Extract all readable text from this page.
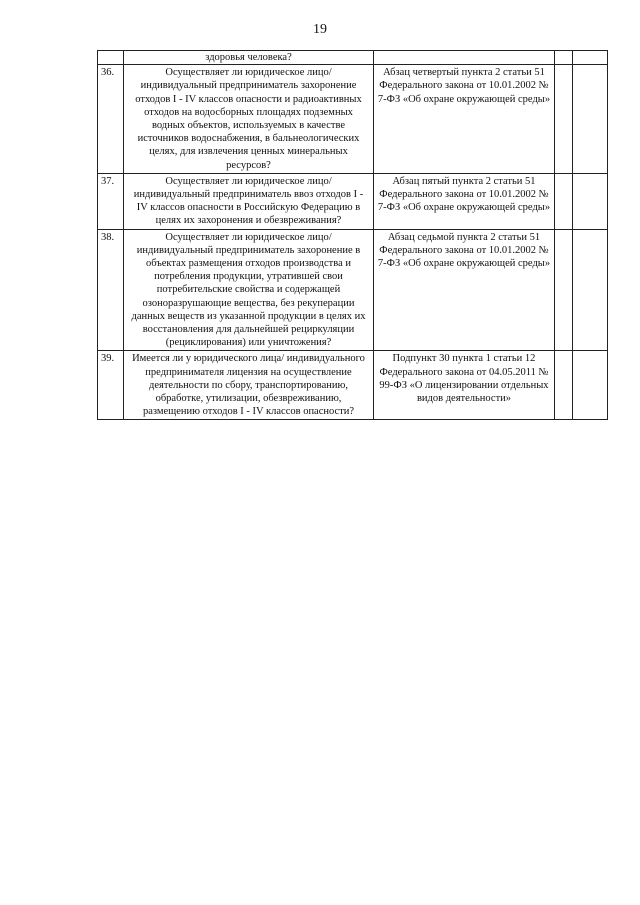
19

	здоровья человека?			

36.	Осуществляет ли юридическое лицо/ индивидуальный предприниматель захоронение отходов I - IV классов опасности и радиоактивных отходов на водосборных площадях подземных водных объектов, используемых в качестве источников водоснабжения, в бальнеологических целях, для извлечения ценных минеральных ресурсов?	Абзац четвертый пункта 2 статьи 51 Федерального закона от 10.01.2002 № 7-ФЗ «Об охране окружающей среды»		

37.	Осуществляет ли юридическое лицо/ индивидуальный предприниматель ввоз отходов I - IV классов опасности в Российскую Федерацию в целях их захоронения и обезвреживания?	Абзац пятый пункта 2 статьи 51 Федерального закона от 10.01.2002 № 7-ФЗ «Об охране окружающей среды»		

38.	Осуществляет ли юридическое лицо/ индивидуальный предприниматель захоронение в объектах размещения отходов производства и потребления продукции, утратившей свои потребительские свойства и содержащей озоноразрушающие вещества, без рекуперации данных веществ из указанной продукции в целях их восстановления для дальнейшей рециркуляции (рециклирования) или уничтожения?	Абзац седьмой пункта 2 статьи 51 Федерального закона от 10.01.2002 № 7-ФЗ «Об охране окружающей среды»		

39.	Имеется ли у юридического лица/ индивидуального предпринимателя лицензия на осуществление деятельности по сбору, транспортированию, обработке, утилизации, обезвреживанию, размещению отходов I - IV классов опасности?	Подпункт 30 пункта 1 статьи 12 Федерального закона от 04.05.2011 № 99-ФЗ «О лицензировании отдельных видов деятельности»		
